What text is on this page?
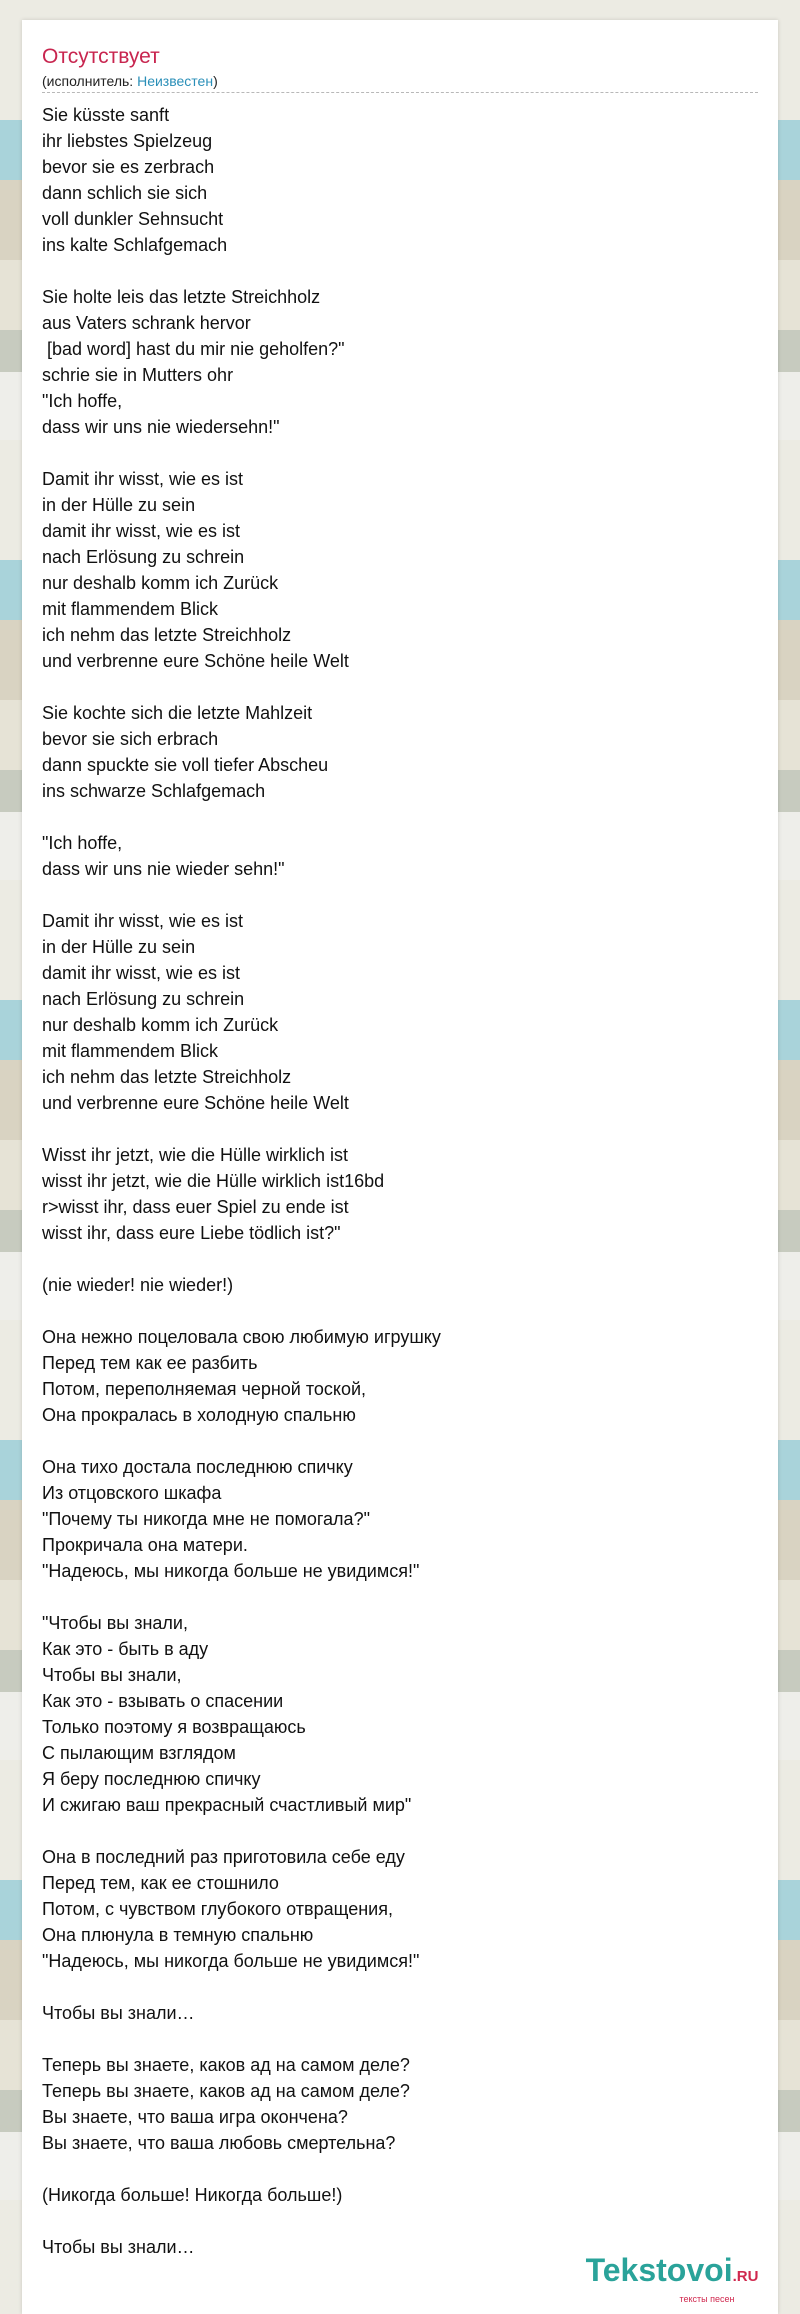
Отсутствует
(исполнитель: Неизвестен)
Sie küsste sanft
ihr liebstes Spielzeug
bevor sie es zerbrach
dann schlich sie sich
voll dunkler Sehnsucht
ins kalte Schlafgemach

Sie holte leis das letzte Streichholz
aus Vaters schrank hervor
[bad word] hast du mir nie geholfen?"
schrie sie in Mutters ohr
"Ich hoffe,
dass wir uns nie wiedersehn!"

Damit ihr wisst, wie es ist
in der Hülle zu sein
damit ihr wisst, wie es ist
nach Erlösung zu schrein
nur deshalb komm ich Zurück
mit flammendem Blick
ich nehm das letzte Streichholz
und verbrenne eure Schöne heile Welt

Sie kochte sich die letzte Mahlzeit
bevor sie sich erbrach
dann spuckte sie voll tiefer Abscheu
ins schwarze Schlafgemach

"Ich hoffe,
dass wir uns nie wieder sehn!"

Damit ihr wisst, wie es ist
in der Hülle zu sein
damit ihr wisst, wie es ist
nach Erlösung zu schrein
nur deshalb komm ich Zurück
mit flammendem Blick
ich nehm das letzte Streichholz
und verbrenne eure Schöne heile Welt

Wisst ihr jetzt, wie die Hülle wirklich ist
wisst ihr jetzt, wie die Hülle wirklich ist16bd
r>wisst ihr, dass euer Spiel zu ende ist
wisst ihr, dass eure Liebe tödlich ist?"

(nie wieder! nie wieder!)

Она нежно поцеловала свою любимую игрушку
Перед тем как ее разбить
Потом, переполняемая черной тоской,
Она прокралась в холодную спальню

Она тихо достала последнюю спичку
Из отцовского шкафа
"Почему ты никогда мне не помогала?"
Прокричала она матери.
"Надеюсь, мы никогда больше не увидимся!"

"Чтобы вы знали,
Как это - быть в аду
Чтобы вы знали,
Как это - взывать о спасении
Только поэтому я возвращаюсь
С пылающим взглядом
Я беру последнюю спичку
И сжигаю ваш прекрасный счастливый мир"

Она в последний раз приготовила себе еду
Перед тем, как ее стошнило
Потом, с чувством глубокого отвращения,
Она плюнула в темную спальню
"Надеюсь, мы никогда больше не увидимся!"

Чтобы вы знали…

Теперь вы знаете, каков ад на самом деле?
Теперь вы знаете, каков ад на самом деле?
Вы знаете, что ваша игра окончена?
Вы знаете, что ваша любовь смертельна?

(Никогда больше! Никогда больше!)

Чтобы вы знали…
Tekstovoi.RU
тексты песен
